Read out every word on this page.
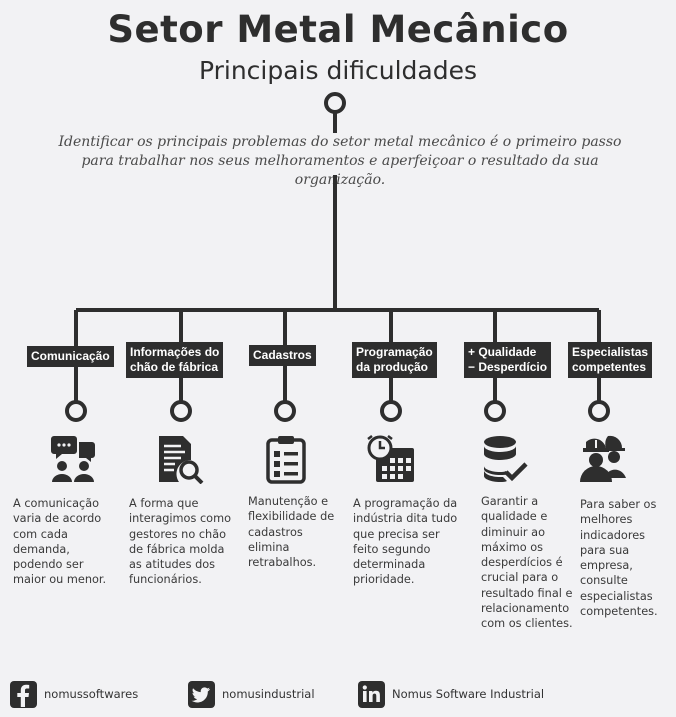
Setor Metal Mecânico
Principais dificuldades
Identificar os principais problemas do setor metal mecânico é o primeiro passo
para trabalhar nos seus melhoramentos e aperfeiçoar o resultado da sua organização.
Comunicação	Informações do
chão de fábrica
Cadastros	Programação
da produção
+ Qualidade
− Desperdício
Especialistas
competentes
A comunicação varia de acordo com cada demanda, podendo ser maior ou menor.
A forma que interagimos como gestores no chão de fábrica molda as atitudes dos funcionários.
Manutenção e flexibilidade de cadastros elimina retrabalhos.
A programação da indústria dita tudo que precisa ser feito segundo determinada prioridade.
Garantir a qualidade e diminuir ao máximo os desperdícios é crucial para o resultado final e relacionamento com os clientes.
Para saber os melhores indicadores para sua empresa, consulte especialistas competentes.
nomussoftwares	nomusindustrial	Nomus Software Industrial
